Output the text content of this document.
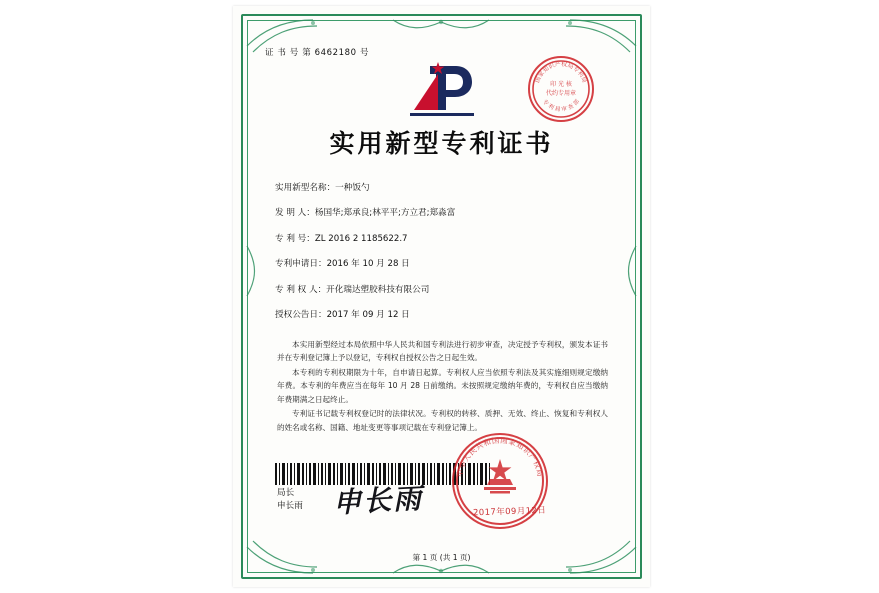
证 书 号 第 6462180 号
实用新型专利证书
实用新型名称：一种饭勺
发 明 人：杨国华;郑承良;林平平;方立君;郑淼富
专 利 号：ZL 2016 2 1185622.7
专利申请日：2016 年 10 月 28 日
专 利 权 人：开化瑞达塑胶科技有限公司
授权公告日：2017 年 09 月 12 日
本实用新型经过本局依照中华人民共和国专利法进行初步审查，决定授予专利权，颁发本证书并在专利登记簿上予以登记，专利权自授权公告之日起生效。
本专利的专利权期限为十年，自申请日起算。专利权人应当依照专利法及其实施细则规定缴纳年费。本专利的年费应当在每年 10 月 28 日前缴纳。未按照规定缴纳年费的，专利权自应当缴纳年费期满之日起终止。
专利证书记载专利权登记时的法律状况。专利权的转移、质押、无效、终止、恢复和专利权人的姓名或名称、国籍、地址变更等事项记载在专利登记簿上。
局长
申长雨 申长雨
国家知识产权局专利局
专 利 局 审 查 部
印 光 核
代约专用章
中华人民共和国国家知识产权局
2017年09月12日
第 1 页 (共 1 页)
